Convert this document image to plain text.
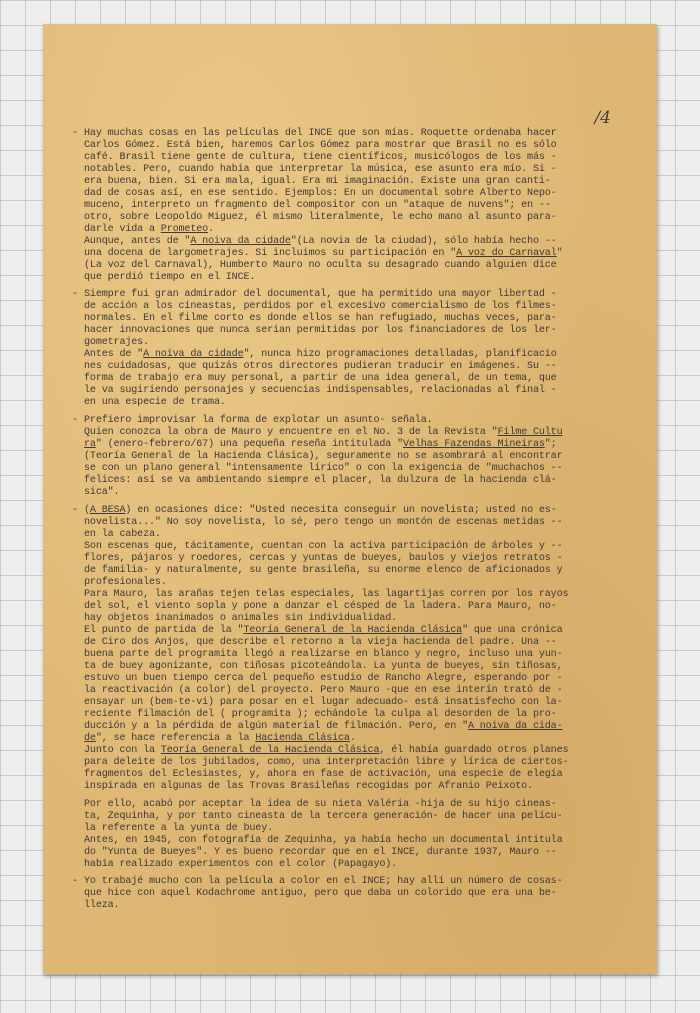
/4
- Hay muchas cosas en las películas del INCE que son mías. Roquette ordenaba hacer
Carlos Gómez. Está bien, haremos Carlos Gómez para mostrar que Brasil no es sólo
café. Brasil tiene gente de cultura, tiene científicos, musicólogos de los más -
notables. Pero, cuando había que interpretar la música, ese asunto era mío. Si -
era buena, bien. Si era mala, igual. Era mi imaginación. Existe una gran canti-
dad de cosas así, en ese sentido. Ejemplos: En un documental sobre Alberto Nepo-
muceno, interpreto un fragmento del compositor con un "ataque de nuvens"; en --
otro, sobre Leopoldo Miguez, él mismo literalmente, le echo mano al asunto para-
darle vida a Prometeo.
Aunque, antes de "A noiva da cidade"(La novia de la ciudad), sólo había hecho --
una docena de largometrajes. Si incluimos su participación en "A voz do Carnaval"
(La voz del Carnaval), Humberto Mauro no oculta su desagrado cuando alguien dice
que perdió tiempo en el INCE.
- Siempre fui gran admirador del documental, que ha permitido una mayor libertad -
de acción a los cineastas, perdidos por el excesivo comercialismo de los filmes-
normales. En el filme corto es donde ellos se han refugiado, muchas veces, para-
hacer innovaciones que nunca serían permitidas por los financiadores de los ler-
gometrajes.
Antes de "A noiva da cidade", nunca hizo programaciones detalladas, planificacio
nes cuidadosas, que quizás otros directores pudieran traducir en imágenes. Su --
forma de trabajo era muy personal, a partir de una idea general, de un tema, que
le va sugiriendo personajes y secuencias indispensables, relacionadas al final -
en una especie de trama.
- Prefiero improvisar la forma de explotar un asunto- señala.
Quien conozca la obra de Mauro y encuentre en el No. 3 de la Revista "Filme Cultu
ra" (enero-febrero/67) una pequeña reseña intitulada "Velhas Fazendas Mineiras";
(Teoría General de la Hacienda Clásica), seguramente no se asombrará al encontrar
se con un plano general "intensamente lírico" o con la exigencia de "muchachos --
felices: así se va ambientando siempre el placer, la dulzura de la hacienda clá-
sica".
- (A BESA) en ocasiones dice: "Usted necesita conseguir un novelista; usted no es-
novelista..." No soy novelista, lo sé, pero tengo un montón de escenas metidas --
en la cabeza.
Son escenas que, tácitamente, cuentan con la activa participación de árboles y --
flores, pájaros y roedores, cercas y yuntas de bueyes, baulos y viejos retratos -
de familia- y naturalmente, su gente brasileña, su enorme elenco de aficionados y
profesionales.
Para Mauro, las arañas tejen telas especiales, las lagartijas corren por los rayos
del sol, el viento sopla y pone a danzar el césped de la ladera. Para Mauro, no-
hay objetos inanimados o animales sin individualidad.
El punto de partida de la "Teoría General de la Hacienda Clásica" que una crónica
de Ciro dos Anjos, que describe el retorno a la vieja hacienda del padre. Una --
buena parte del programita llegó a realizarse en blanco y negro, incluso una yun-
ta de buey agonizante, con tiñosas picoteándola. La yunta de bueyes, sin tiñosas,
estuvo un buen tiempo cerca del pequeño estudio de Rancho Alegre, esperando por -
la reactivación (a color) del proyecto. Pero Mauro -que en ese interín trató de -
ensayar un (bem-te-vi) para posar en el lugar adecuado- está insatisfecho con la-
reciente filmación del ( programita ); echándole la culpa al desorden de la pro-
ducción y a la pérdida de algún material de filmación. Pero, en "A noiva da cida-
de", se hace referencia a la Hacienda Clásica.
Junto con la Teoría General de la Hacienda Clásica, él había guardado otros planes
para deleite de los jubilados, como, una interpretación libre y lírica de ciertos-
fragmentos del Eclesiastes, y, ahora en fase de activación, una especie de elegía
inspirada en algunas de las Trovas Brasileñas recogidas por Afranio Peixoto.
Por ello, acabó por aceptar la idea de su nieta Valéria -hija de su hijo cineas-
ta, Zequinha, y por tanto cineasta de la tercera generación- de hacer una pelícu-
la referente a la yunta de buey.
Antes, en 1945, con fotografía de Zequinha, ya había hecho un documental intitula
do "Yunta de Bueyes". Y es bueno recordar que en el INCE, durante 1937, Mauro --
había realizado experimentos con el color (Papagayo).
- Yo trabajé mucho con la película a color en el INCE; hay allí un número de cosas-
que hice con aquel Kodachrome antiguo, pero que daba un colorido que era una be-
lleza.
